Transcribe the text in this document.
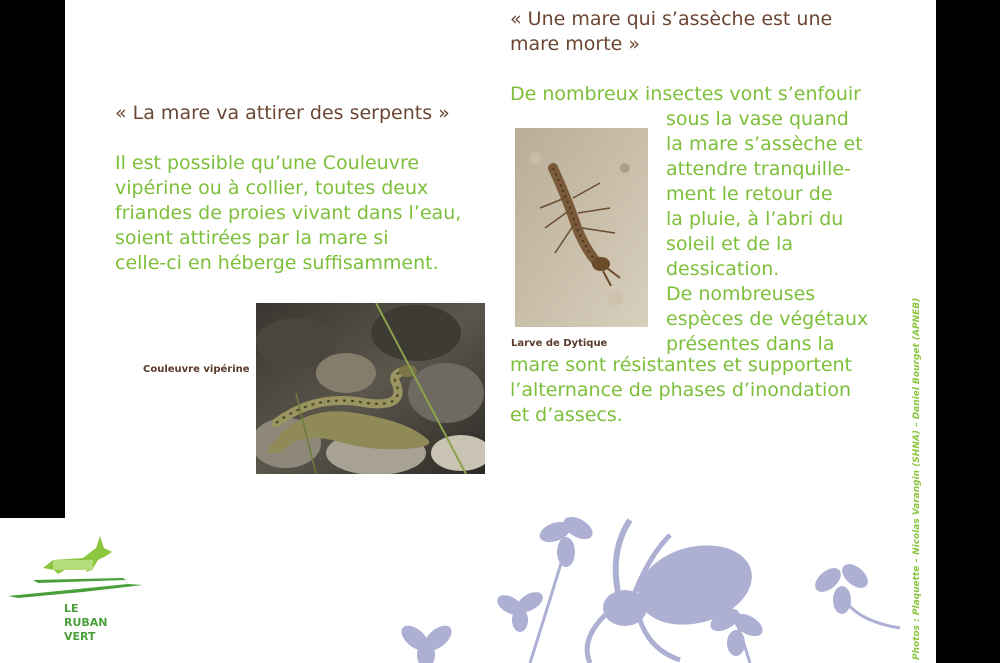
« La mare va attirer des serpents »
Il est possible qu’une Couleuvre
vipérine ou à collier, toutes deux
friandes de proies vivant dans l’eau,
soient attirées par la mare si
celle-ci en héberge suffisamment.
Couleuvre vipérine
« Une mare qui s’assèche est une
mare morte »
De nombreux insectes vont s’enfouir
sous la vase quand
la mare s’assèche et
attendre tranquille-
ment le retour de
la pluie, à l’abri du
soleil et de la
dessication.
De nombreuses
espèces de végétaux
présentes dans la
Larve de Dytique
mare sont résistantes et supportent
l’alternance de phases d’inondation
et d’assecs.	Photos : Plaquette – Nicolas Varangin (SHNA) – Daniel Bourget (APNEB)
LE
RUBAN
VERT
